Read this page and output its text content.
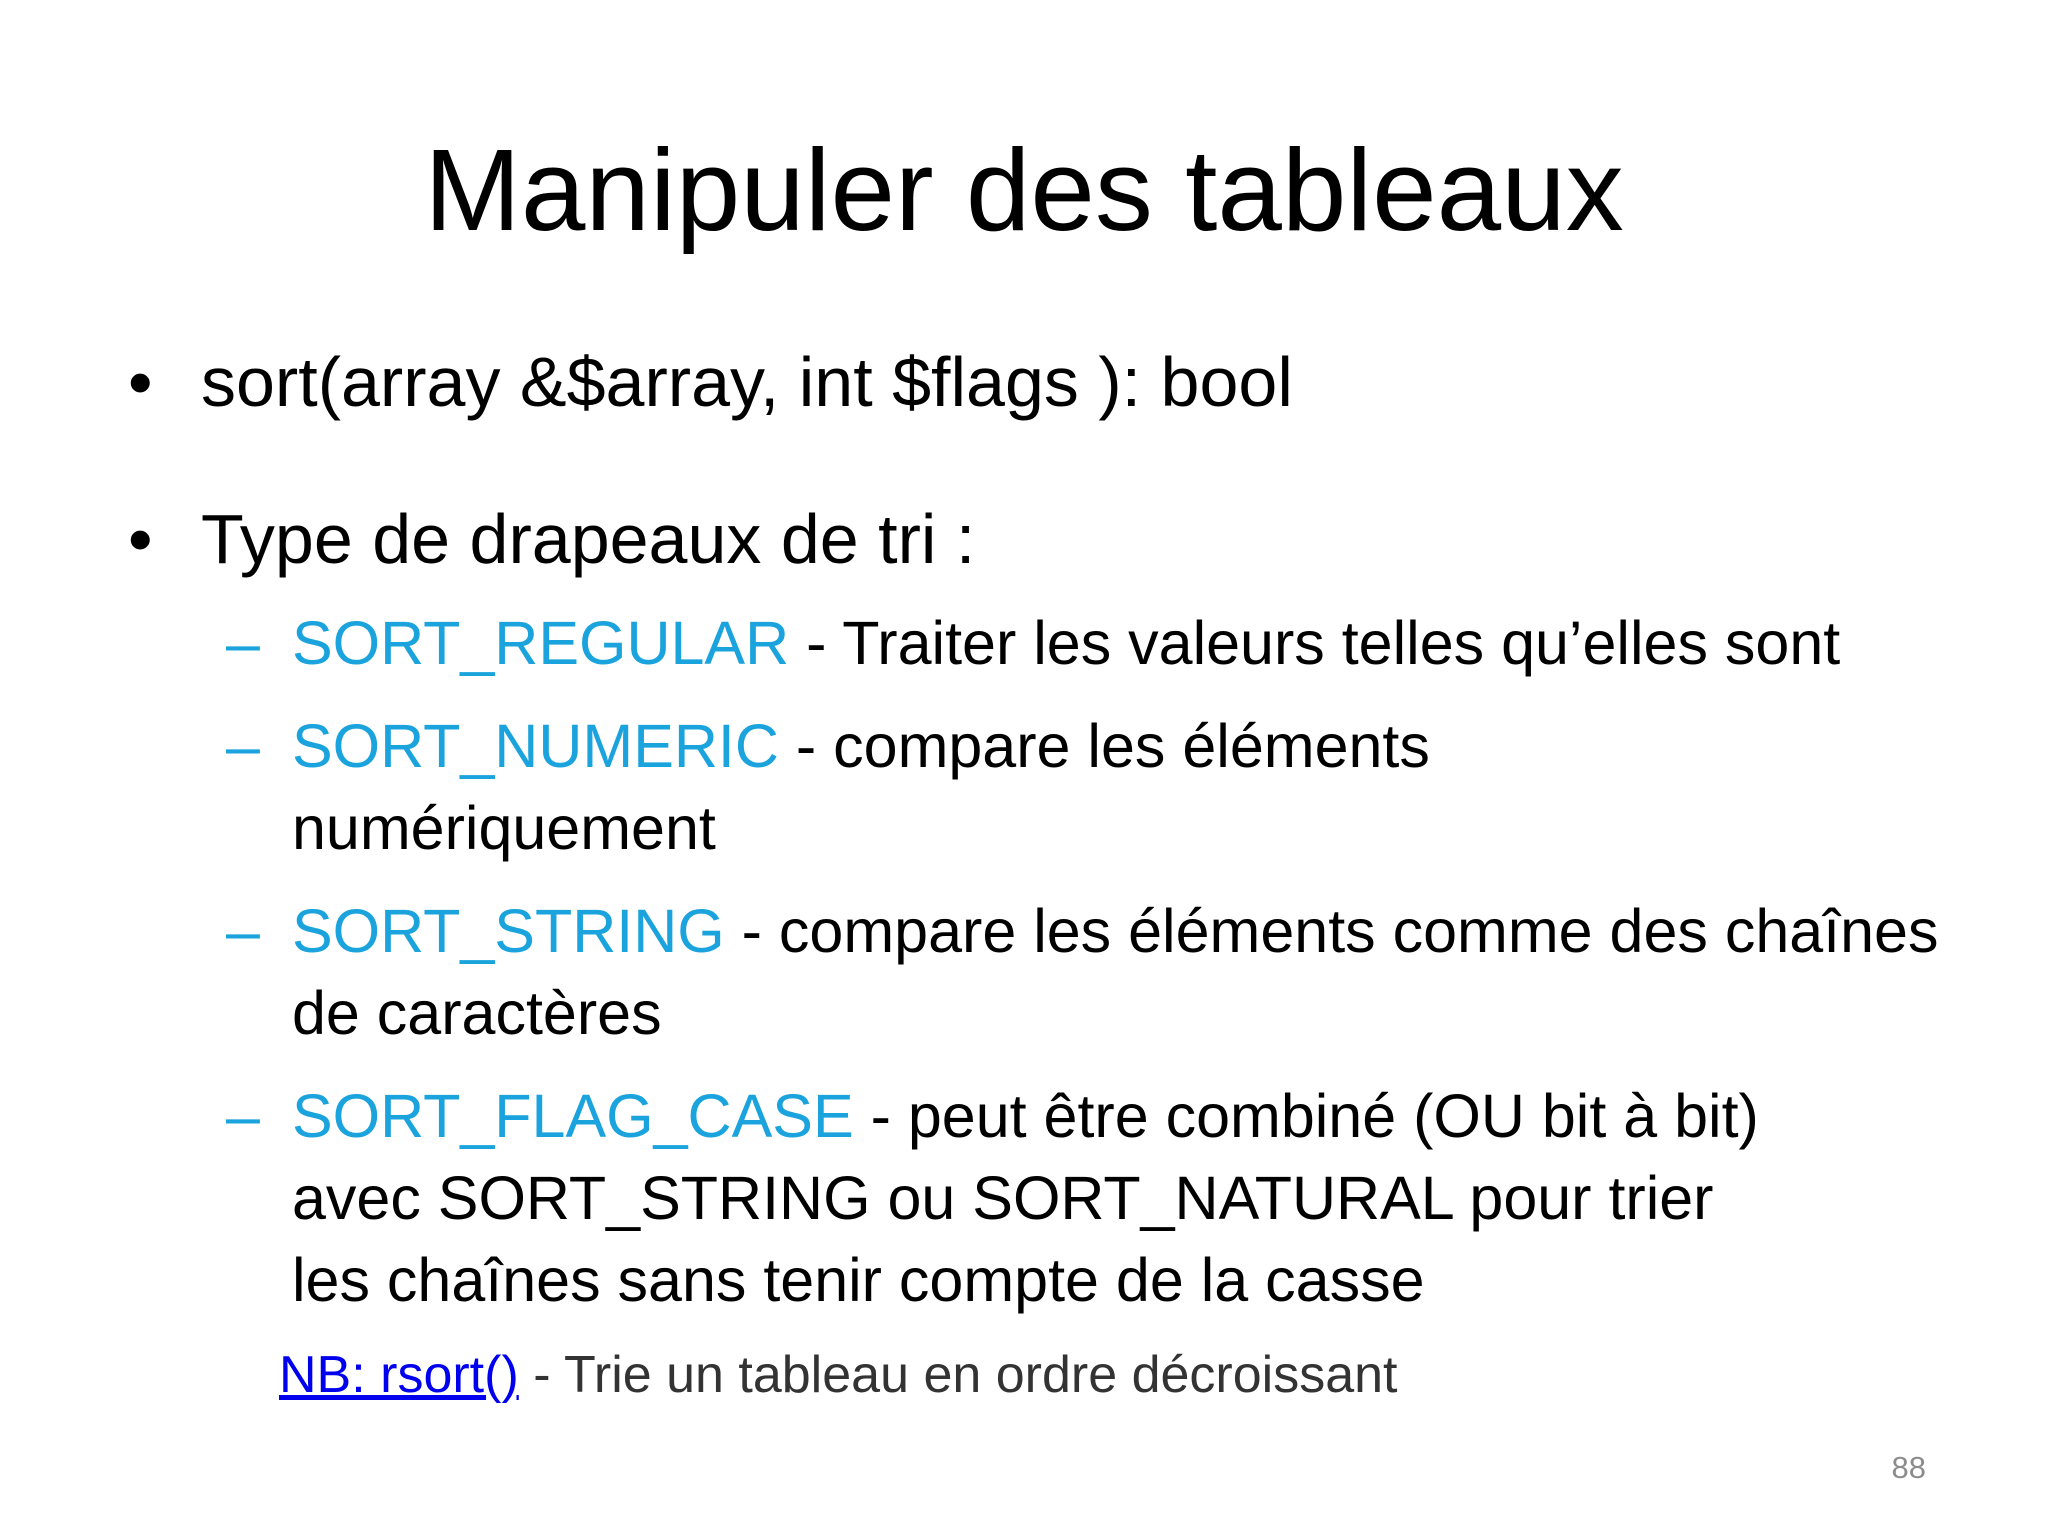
Manipuler des tableaux
• sort(array &$array, int $flags ): bool
• Type de drapeaux de tri :
– SORT_REGULAR - Traiter les valeurs telles qu’elles sont
– SORT_NUMERIC - compare les éléments numériquement
– SORT_STRING - compare les éléments comme des chaînes de caractères
– SORT_FLAG_CASE - peut être combiné (OU bit à bit) avec SORT_STRING ou SORT_NATURAL pour trier les chaînes sans tenir compte de la casse
NB: rsort() - Trie un tableau en ordre décroissant
88
